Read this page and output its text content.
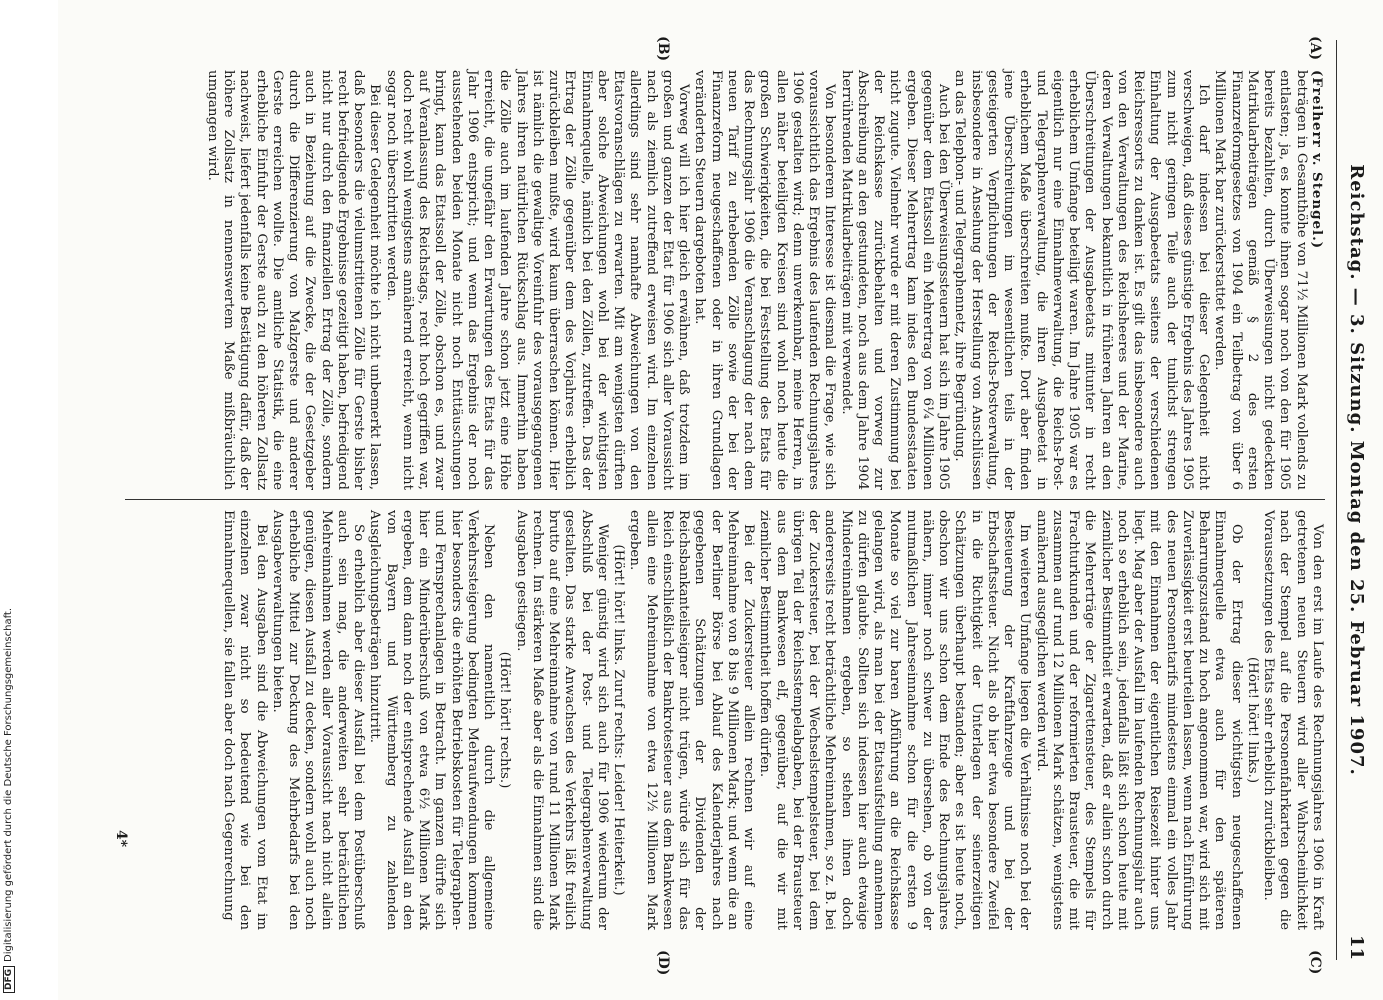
DFGDigitalisierung gefördert durch die Deutsche Forschungsgemeinschaft.
Reichstag. — 3. Sitzung. Montag den 25. Februar 1907.
11
(A)
(B)
(C)
(D)

(Freiherr v. Stengel.)

beträgen in Gesamthöhe von 71½ Millionen Mark vollends zu entlasten; ja, es konnte ihnen sogar noch von den für 1905 bereits bezahlten, durch Überweisungen nicht gedeckten Matrikularbeiträgen gemäß § 2 des ersten Finanzreformgesetzes von 1904 ein Teilbetrag von über 6 Millionen Mark bar zurückerstattet werden.

Ich darf indessen bei dieser Gelegenheit nicht verschweigen, daß dieses günstige Ergebnis des Jahres 1905 zum nicht geringen Teile auch der tunlichst strengen Einhaltung der Ausgabeetats seitens der verschiedenen Reichsressorts zu danken ist. Es gilt das insbesondere auch von den Verwaltungen des Reichsheeres und der Marine, deren Verwaltungen bekanntlich in früheren Jahren an den Überschreitungen der Ausgabeetats mitunter in recht erheblichem Umfange beteiligt waren. Im Jahre 1905 war es eigentlich nur eine Einnahmeverwaltung, die Reichs-Post- und Telegraphenverwaltung, die ihren Ausgabeetat in erheblichem Maße überschreiten mußte. Dort aber finden jene Überschreitungen im wesentlichen teils in der gesteigerten Verpflichtungen der Reichs-Postverwaltung, insbesondere in Ansehung der Herstellung von Anschlüssen an das Telephon- und Telegraphennetz, ihre Begründung.

Auch bei den Überweisungssteuern hat sich im Jahre 1905 gegenüber dem Etatssoll ein Mehrertrag von 6¼ Millionen ergeben. Dieser Mehrertrag kam indes den Bundesstaaten nicht zugute. Vielmehr wurde er mit deren Zustimmung bei der Reichskasse zurückbehalten und vorweg zur Abschreibung an den gestundeten, noch aus dem Jahre 1904 herrührenden Matrikularbeiträgen mit verwendet.

Von besonderem Interesse ist diesmal die Frage, wie sich voraussichtlich das Ergebnis des laufenden Rechnungsjahres 1906 gestalten wird; denn unverkennbar, meine Herren, in allen näher beteiligten Kreisen sind wohl noch heute die großen Schwierigkeiten, die bei Feststellung des Etats für das Rechnungsjahr 1906 die Veranschlagung der nach dem neuen Tarif zu erhebenden Zölle sowie der bei der Finanzreform neugeschaffenen oder in ihren Grundlagen veränderten Steuern dargeboten hat.

Vorweg will ich hier gleich erwähnen, daß trotzdem im großen und ganzen der Etat für 1906 sich aller Voraussicht nach als ziemlich zutreffend erweisen wird. Im einzelnen allerdings sind sehr namhafte Abweichungen von den Etatsvoranschlägen zu erwarten. Mit am wenigsten dürften aber solche Abweichungen wohl bei der wichtigsten Einnahmequelle, nämlich bei den Zöllen, zutreffen. Das der Ertrag der Zölle gegenüber dem des Vorjahres erheblich zurückbleiben mußte, wird kaum überraschen können. Hier ist nämlich die gewaltige Voreinfuhr des vorausgegangenen Jahres ihren natürlichen Rückschlag aus. Immerhin haben die Zölle auch im laufenden Jahre schon jetzt eine Höhe erreicht, die ungefähr den Erwartungen des Etats für das Jahr 1906 entspricht; und wenn das Ergebnis der noch ausstehenden beiden Monate nicht noch Enttäuschungen bringt, kann das Etatssoll der Zölle, obschon es, und zwar auf Veranlassung des Reichstags, recht hoch gegriffen war, doch recht wohl wenigstens annähernd erreicht, wenn nicht sogar noch überschritten werden.

Bei dieser Gelegenheit möchte ich nicht unbemerkt lassen, daß besonders die vielumstrittenen Zölle für Gerste bisher recht befriedigende Ergebnisse gezeitigt haben, befriedigend nicht nur durch den finanziellen Ertrag der Zölle, sondern auch in Beziehung auf die Zwecke, die der Gesetzgeber durch die Differenzierung von Malzgerste und anderer Gerste erreichen wollte. Die amtliche Statistik, die eine erhebliche Einfuhr der Gerste auch zu den höheren Zollsatz nachweist, liefert jedenfalls keine Bestätigung dafür, daß der höhere Zollsatz in nennenswertem Maße mißbräuchlich umgangen wird.

Von den erst im Laufe des Rechnungsjahres 1906 in Kraft getretenen neuen Steuern wird aller Wahrscheinlichkeit nach der Stempel auf die Personenfahrkarten gegen die Voraussetzungen des Etats sehr erheblich zurückbleiben.

(Hört! hört! links.)

Ob der Ertrag dieser wichtigsten neugeschaffenen Einnahmequelle etwa auch für den späteren Beharrungszustand zu hoch angenommen war, wird sich mit Zuverlässigkeit erst beurteilen lassen, wenn nach Einführung des neuen Personentarifs mindestens einmal ein volles Jahr mit den Einnahmen der eigentlichen Reisezeit hinter uns liegt. Mag aber der Ausfall im laufenden Rechnungsjahr auch noch so erheblich sein, jedenfalls läßt sich schon heute mit ziemlicher Bestimmtheit erwarten, daß er allein schon durch die Mehrerträge der Zigarettensteuer, des Stempels für Frachturkunden und der reformierten Brausteuer, die mit zusammen auf rund 12 Millionen Mark schätzen, wenigstens annähernd ausgeglichen werden wird.

Im weiteren Umfange liegen die Verhältnisse noch bei der Besteuerung der Kraftfahrzeuge und bei der Erbschaftssteuer. Nicht als ob hier etwa besondere Zweifel in die Richtigkeit der Unterlagen der seinerzeitigen Schätzungen überhaupt bestanden; aber es ist heute noch, obschon wir uns schon dem Ende des Rechnungsjahres nähern, immer noch schwer zu übersehen, ob von der mutmaßlichen Jahreseinnahme schon für die ersten 9 Monate so viel zur baren Abführung an die Reichskasse gelangen wird, als man bei der Etatsaufstellung annehmen zu dürfen glaubte. Sollten sich indessen hier auch etwaige Mindereinnahmen ergeben, so stehen ihnen doch andererseits recht beträchtliche Mehreinnahmen, so z. B. bei der Zuckersteuer, bei der Wechselstempelsteuer, bei dem übrigen Teil der Reichsstempelabgaben, bei der Brausteuer aus dem Bankwesen elf, gegenüber, auf die wir mit ziemlicher Bestimmtheit hoffen dürfen.

Bei der Zuckersteuer allein rechnen wir auf eine Mehreinnahme von 8 bis 9 Millionen Mark; und wenn die an der Berliner Börse bei Ablauf des Kalenderjahres nach gegebenen Schätzungen der Dividenden der Reichsbankanteilseigner nicht trügen, würde sich für das Reich einschließlich der Bankrotesteuer aus dem Bankwesen allein eine Mehreinnahme von etwa 12½ Millionen Mark ergeben.

(Hört! hört! links. Zuruf rechts: Leider! Heiterkeit.)

Weniger günstig wird sich auch für 1906 wiederum der Abschluß bei der Post- und Telegraphenverwaltung gestalten. Das starke Anwachsen des Verkehrs läßt freilich brutto auf eine Mehreinnahme von rund 11 Millionen Mark rechnen. Im stärkeren Maße aber als die Einnahmen sind die Ausgaben gestiegen.

(Hört! hört! rechts.)

Neben den namentlich durch die allgemeine Verkehrssteigerung bedingten Mehraufwendungen kommen hier besonders die erhöhten Betriebskosten für Telegraphen- und Fernsprechanlagen in Betracht. Im ganzen dürfte sich hier ein Minderüberschuß von etwa 6½ Millionen Mark ergeben, dem dann noch der entsprechende Ausfall an den von Bayern und Württemberg zu zahlenden Ausgleichungsbeträgen hinzutritt.

So erheblich aber dieser Ausfall bei dem Postüberschuß auch sein mag, die anderweiten sehr beträchtlichen Mehreinnahmen werden aller Voraussicht nach nicht allein genügen, diesen Ausfall zu decken, sondern wohl auch noch erhebliche Mittel zur Deckung des Mehrbedarfs bei den Ausgabeverwaltungen bieten.

Bei den Ausgaben sind die Abweichungen vom Etat im einzelnen zwar nicht so bedeutend wie bei den Einnahmequellen, sie fallen aber doch nach Gegenrechnung

4*
